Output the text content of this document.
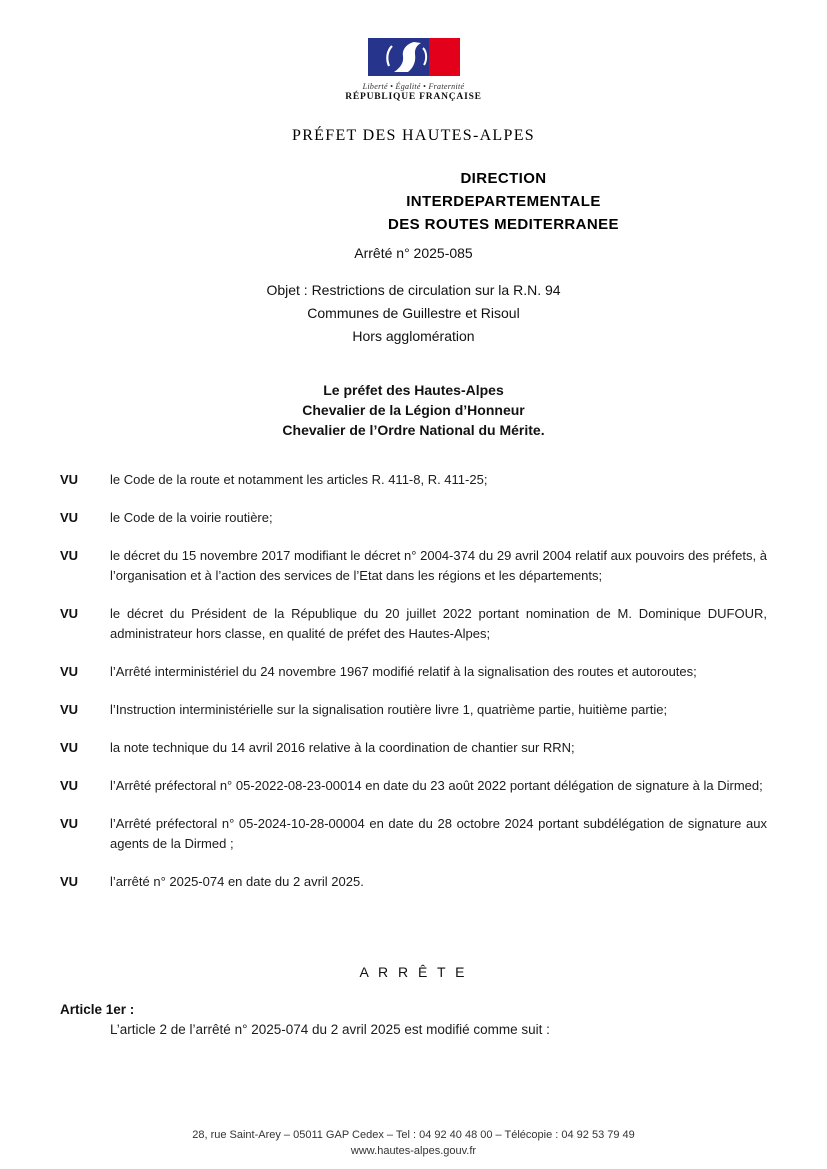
Liberté • Égalité • Fraternité
RÉPUBLIQUE FRANÇAISE
PRÉFET DES HAUTES-ALPES
DIRECTION
INTERDEPARTEMENTALE
DES ROUTES MEDITERRANEE
Arrêté n° 2025-085
Objet : Restrictions de circulation sur la R.N. 94
Communes de Guillestre et Risoul
Hors agglomération
Le préfet des Hautes-Alpes
Chevalier de la Légion d’Honneur
Chevalier de l’Ordre National du Mérite.
VU	le Code de la route et notamment les articles R. 411-8, R. 411-25;
VU	le Code de la voirie routière;
VU	le décret du 15 novembre 2017 modifiant le décret n° 2004-374 du 29 avril 2004 relatif aux pouvoirs des préfets, à l’organisation et à l’action des services de l’Etat dans les régions et les départements;
VU	le décret du Président de la République du 20 juillet 2022 portant nomination de M. Dominique DUFOUR, administrateur hors classe, en qualité de préfet des Hautes-Alpes;
VU	l’Arrêté interministériel du 24 novembre 1967 modifié relatif à la signalisation des routes et autoroutes;
VU	l’Instruction interministérielle sur la signalisation routière livre 1, quatrième partie, huitième partie;
VU	la note technique du 14 avril 2016 relative à la coordination de chantier sur RRN;
VU	l’Arrêté préfectoral n° 05-2022-08-23-00014 en date du 23 août 2022 portant délégation de signature à la Dirmed;
VU	l’Arrêté préfectoral n° 05-2024-10-28-00004 en date du 28 octobre 2024 portant subdélégation de signature aux agents de la Dirmed ;
VU	l’arrêté n° 2025-074 en date du 2 avril 2025.
A R R Ê T E
Article 1er :
L’article 2 de l’arrêté n° 2025-074 du 2 avril 2025 est modifié comme suit :
28, rue Saint-Arey – 05011 GAP Cedex – Tel : 04 92 40 48 00 – Télécopie : 04 92 53 79 49
www.hautes-alpes.gouv.fr
